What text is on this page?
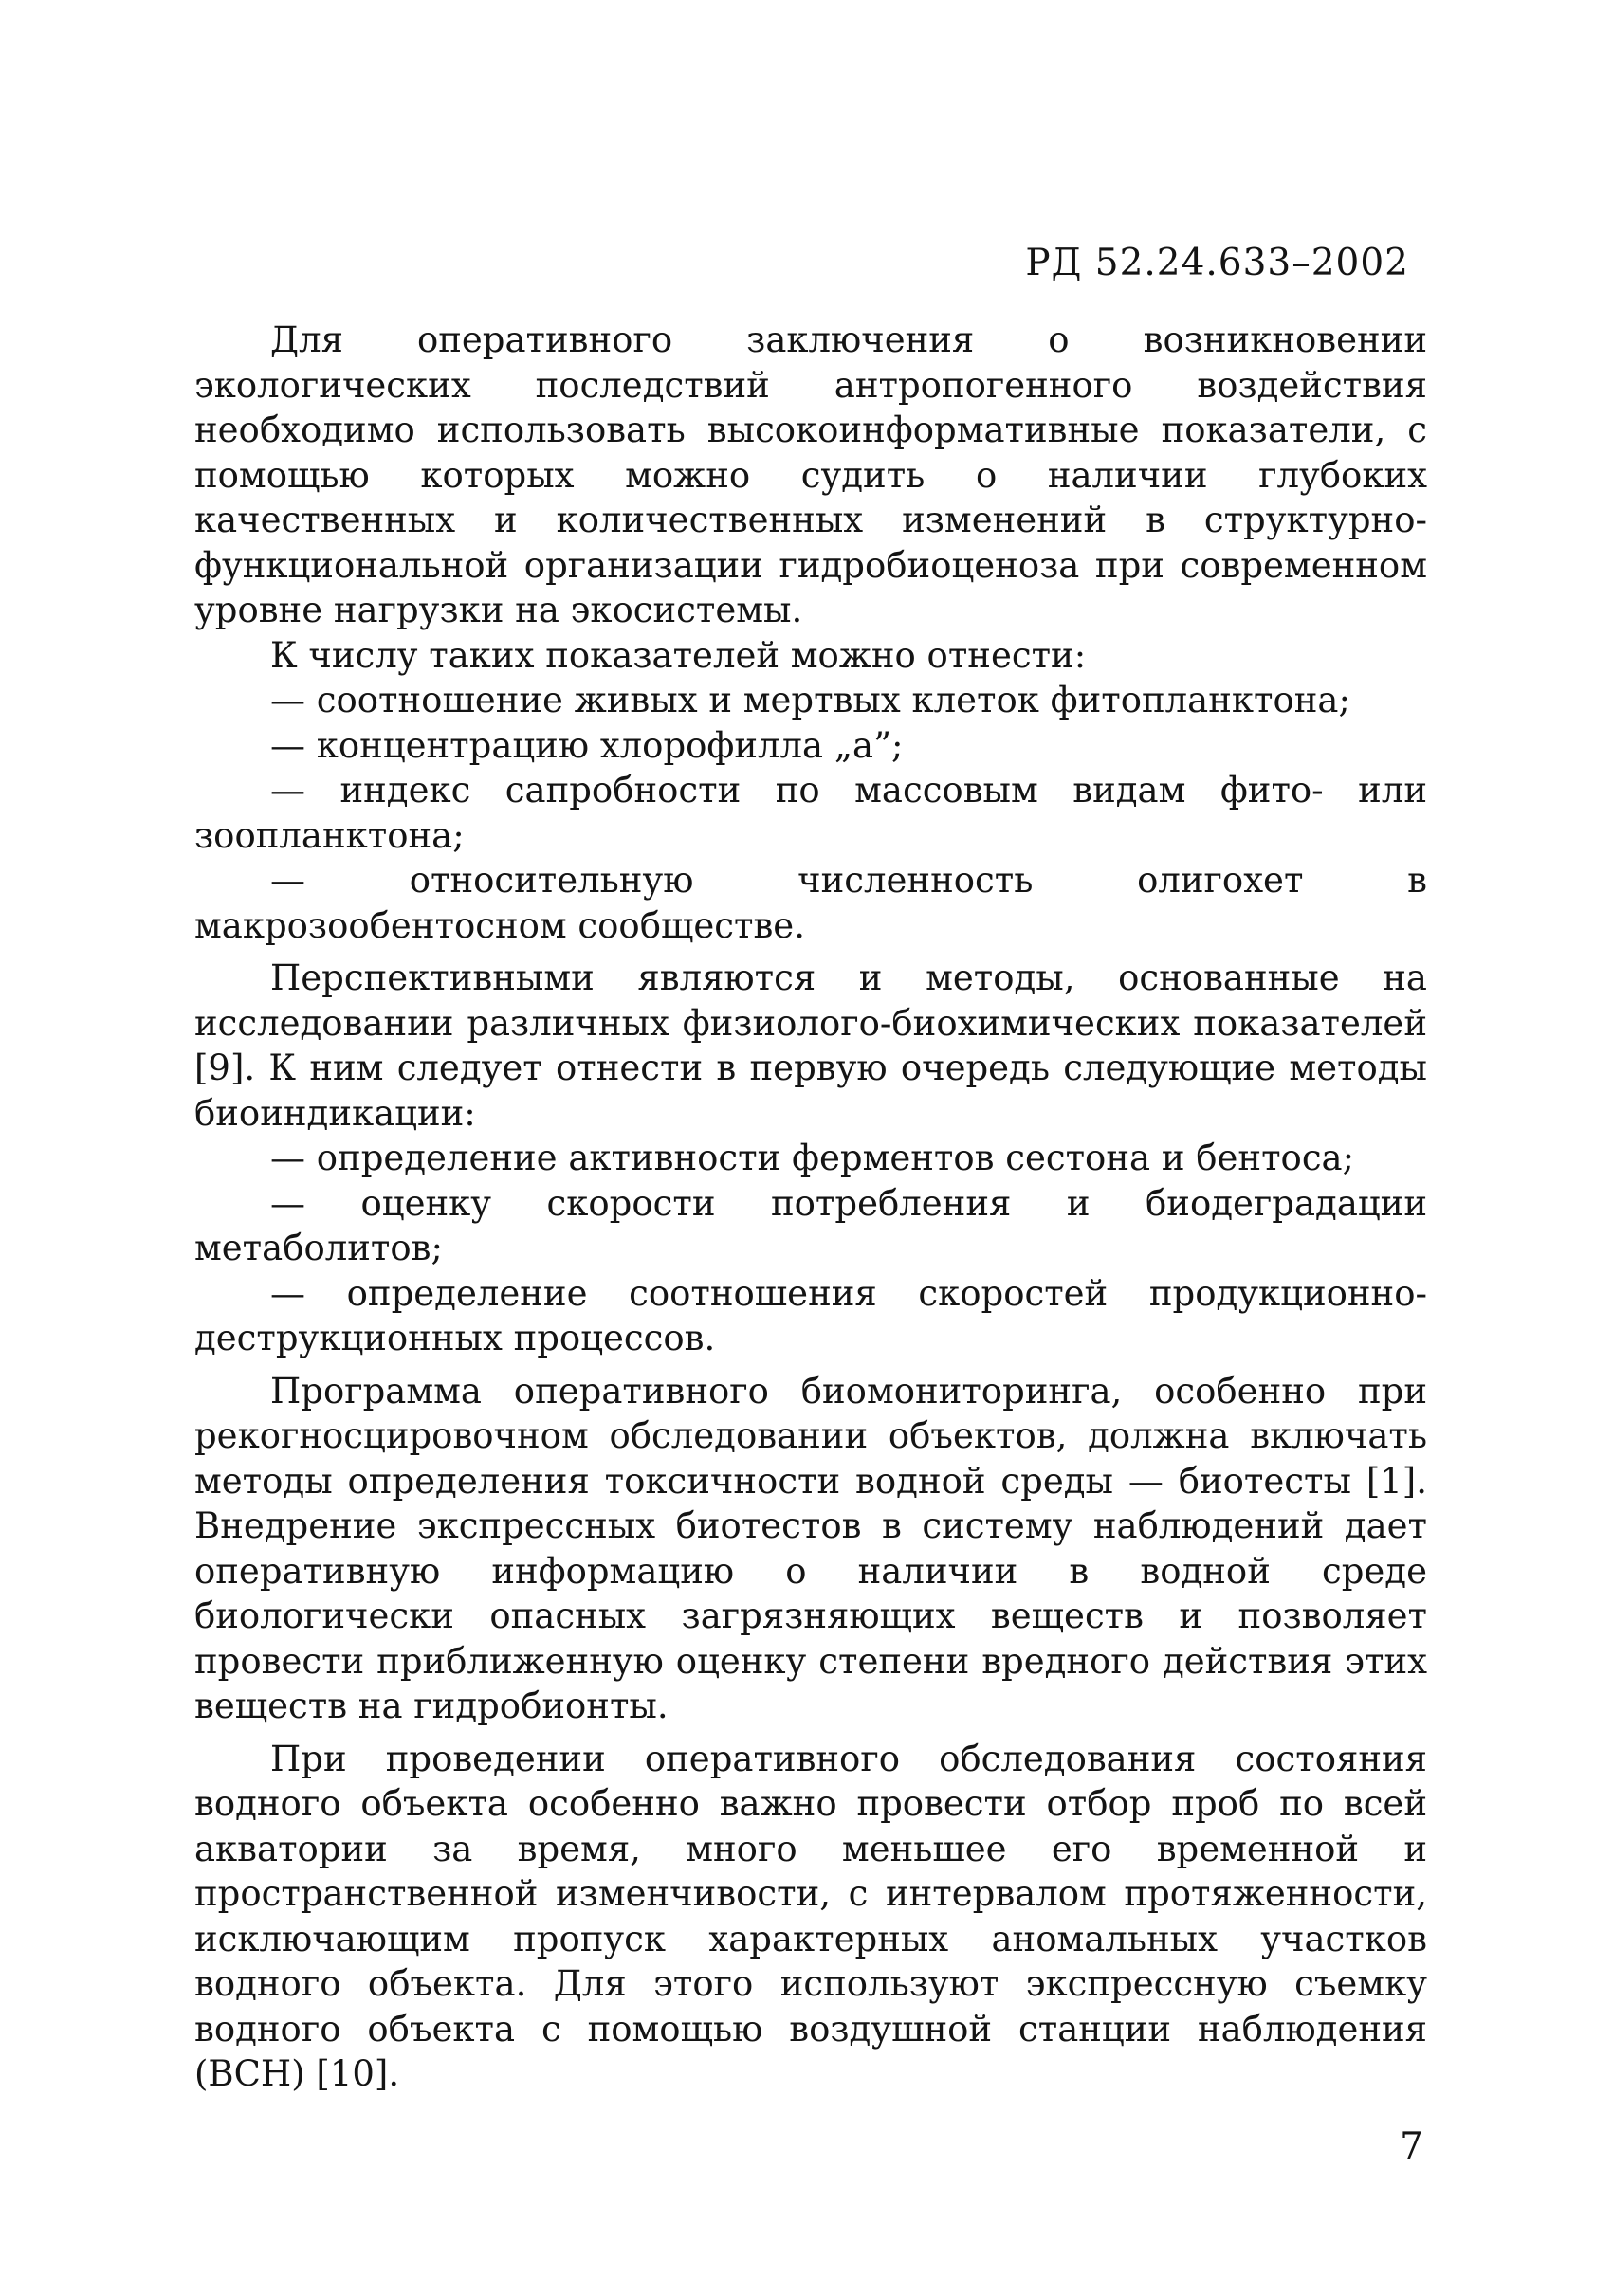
РД 52.24.633–2002

Для оперативного заключения о возникновении экологических последствий антропогенного воздействия необходимо использовать высокоинформативные показатели, с помощью которых можно судить о наличии глубоких качественных и количественных изменений в структурно-функциональной организации гидробиоценоза при современном уровне нагрузки на экосистемы.

К числу таких показателей можно отнести:

— соотношение живых и мертвых клеток фитопланктона;

— концентрацию хлорофилла „а”;

— индекс сапробности по массовым видам фито- или зоопланктона;

— относительную численность олигохет в макрозообентосном сообществе.

Перспективными являются и методы, основанные на исследовании различных физиолого-биохимических показателей [9]. К ним следует отнести в первую очередь следующие методы биоиндикации:

— определение активности ферментов сестона и бентоса;

— оценку скорости потребления и биодеградации метаболитов;

— определение соотношения скоростей продукционно-деструкционных процессов.

Программа оперативного биомониторинга, особенно при рекогносцировочном обследовании объектов, должна включать методы определения токсичности водной среды — биотесты [1]. Внедрение экспрессных биотестов в систему наблюдений дает оперативную информацию о наличии в водной среде биологически опасных загрязняющих веществ и позволяет провести приближенную оценку степени вредного действия этих веществ на гидробионты.

При проведении оперативного обследования состояния водного объекта особенно важно провести отбор проб по всей акватории за время, много меньшее его временной и пространственной изменчивости, с интервалом протяженности, исключающим пропуск характерных аномальных участков водного объекта. Для этого используют экспрессную съемку водного объекта с помощью воздушной станции наблюдения (ВСН) [10].

7
